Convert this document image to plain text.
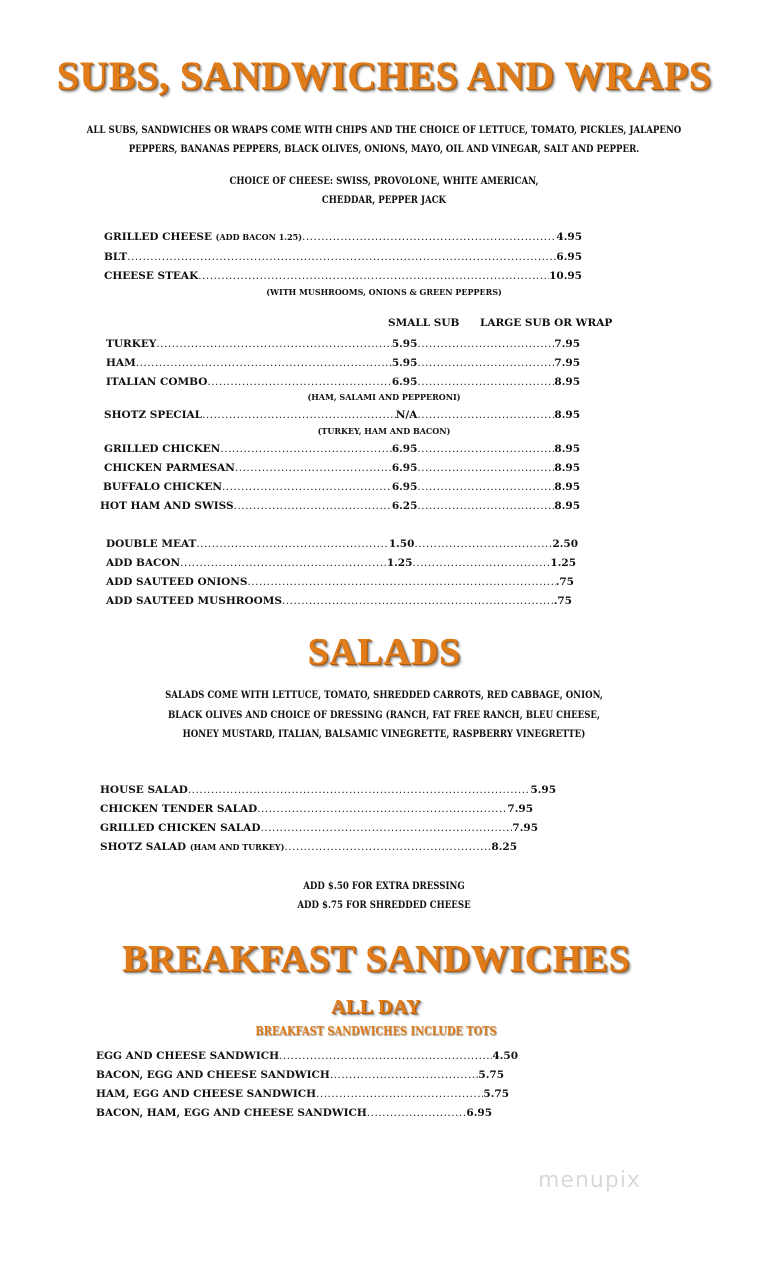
SUBS, SANDWICHES AND WRAPS
ALL SUBS, SANDWICHES OR WRAPS COME WITH CHIPS AND THE CHOICE OF LETTUCE, TOMATO, PICKLES, JALAPENO
PEPPERS, BANANAS PEPPERS, BLACK OLIVES, ONIONS, MAYO, OIL AND VINEGAR, SALT AND PEPPER.
CHOICE OF CHEESE: SWISS, PROVOLONE, WHITE AMERICAN,
CHEDDAR, PEPPER JACK
GRILLED CHEESE (ADD BACON 1.25) .....	4.95
BLT .....	6.95
CHEESE STEAK .....	10.95
(WITH MUSHROOMS, ONIONS & GREEN PEPPERS)
SMALL SUB LARGE SUB OR WRAP
TURKEY .....	5.95 .....	7.95
HAM .....	5.95 .....	7.95
ITALIAN COMBO .....	6.95 .....	8.95
(HAM, SALAMI AND PEPPERONI)
SHOTZ SPECIAL .....	N/A .....	8.95
(TURKEY, HAM AND BACON)
GRILLED CHICKEN .....	6.95 .....	8.95
CHICKEN PARMESAN .....	6.95 .....	8.95
BUFFALO CHICKEN .....	6.95 .....	8.95
HOT HAM AND SWISS .....	6.25 .....	8.95
DOUBLE MEAT .....	1.50 .....	2.50
ADD BACON .....	1.25 .....	1.25
ADD SAUTEED ONIONS .....	.75
ADD SAUTEED MUSHROOMS .....	.75
SALADS
SALADS COME WITH LETTUCE, TOMATO, SHREDDED CARROTS, RED CABBAGE, ONION,
BLACK OLIVES AND CHOICE OF DRESSING (RANCH, FAT FREE RANCH, BLEU CHEESE,
HONEY MUSTARD, ITALIAN, BALSAMIC VINEGRETTE, RASPBERRY VINEGRETTE)
HOUSE SALAD .....	5.95
CHICKEN TENDER SALAD .....	7.95
GRILLED CHICKEN SALAD .....	7.95
SHOTZ SALAD (HAM AND TURKEY) .....	8.25
ADD $.50 FOR EXTRA DRESSING
ADD $.75 FOR SHREDDED CHEESE
BREAKFAST SANDWICHES
ALL DAY
BREAKFAST SANDWICHES INCLUDE TOTS
EGG AND CHEESE SANDWICH .....	4.50
BACON, EGG AND CHEESE SANDWICH .....	5.75
HAM, EGG AND CHEESE SANDWICH .....	5.75
BACON, HAM, EGG AND CHEESE SANDWICH .....	6.95
menupix
